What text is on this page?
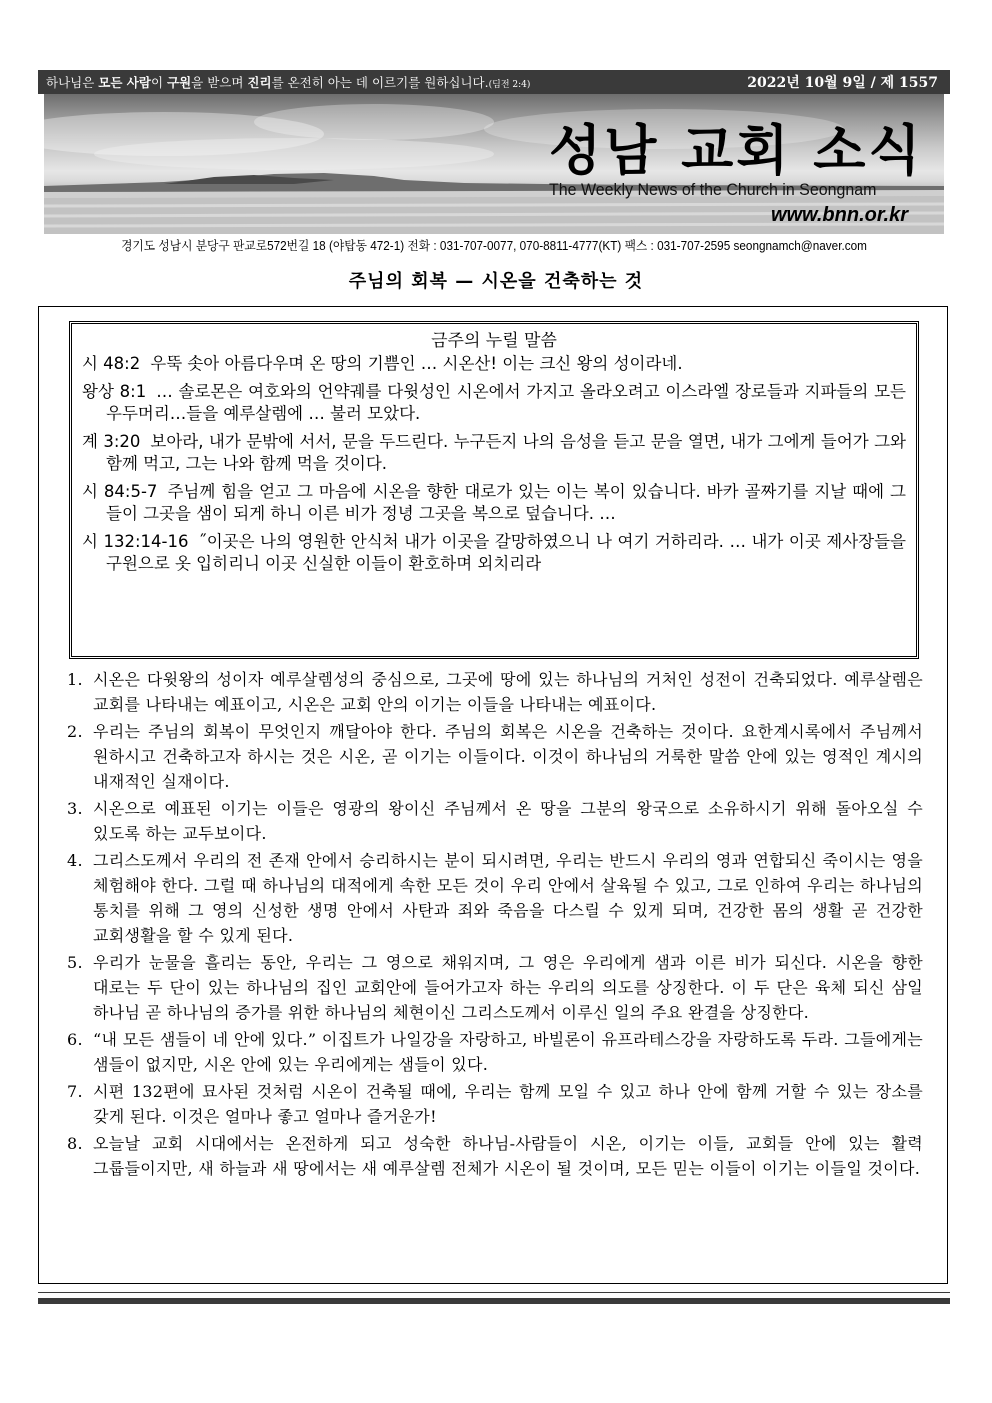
하나님은 모든 사람이 구원을 받으며 진리를 온전히 아는 데 이르기를 원하십니다.(딤전 2:4)	2022년 10월 9일 / 제 1557
성남 교회 소식
The Weekly News of the Church in Seongnam
www.bnn.or.kr
경기도 성남시 분당구 판교로572번길 18 (야탑동 472-1) 전화 : 031-707-0077, 070-8811-4777(KT) 팩스 : 031-707-2595 seongnamch@naver.com
주님의 회복 — 시온을 건축하는 것
금주의 누릴 말씀
시 48:2 우뚝 솟아 아름다우며 온 땅의 기쁨인 … 시온산! 이는 크신 왕의 성이라네.
왕상 8:1 … 솔로몬은 여호와의 언약궤를 다윗성인 시온에서 가지고 올라오려고 이스라엘 장로들과 지파들의 모든 우두머리…들을 예루살렘에 … 불러 모았다.
계 3:20 보아라, 내가 문밖에 서서, 문을 두드린다. 누구든지 나의 음성을 듣고 문을 열면, 내가 그에게 들어가 그와 함께 먹고, 그는 나와 함께 먹을 것이다.
시 84:5-7 주님께 힘을 얻고 그 마음에 시온을 향한 대로가 있는 이는 복이 있습니다. 바카 골짜기를 지날 때에 그들이 그곳을 샘이 되게 하니 이른 비가 정녕 그곳을 복으로 덮습니다. …
시 132:14-16 ˝이곳은 나의 영원한 안식처 내가 이곳을 갈망하였으니 나 여기 거하리라. … 내가 이곳 제사장들을 구원으로 옷 입히리니 이곳 신실한 이들이 환호하며 외치리라
1. 시온은 다윗왕의 성이자 예루살렘성의 중심으로, 그곳에 땅에 있는 하나님의 거처인 성전이 건축되었다. 예루살렘은 교회를 나타내는 예표이고, 시온은 교회 안의 이기는 이들을 나타내는 예표이다.
2. 우리는 주님의 회복이 무엇인지 깨달아야 한다. 주님의 회복은 시온을 건축하는 것이다. 요한계시록에서 주님께서 원하시고 건축하고자 하시는 것은 시온, 곧 이기는 이들이다. 이것이 하나님의 거룩한 말씀 안에 있는 영적인 계시의 내재적인 실재이다.
3. 시온으로 예표된 이기는 이들은 영광의 왕이신 주님께서 온 땅을 그분의 왕국으로 소유하시기 위해 돌아오실 수 있도록 하는 교두보이다.
4. 그리스도께서 우리의 전 존재 안에서 승리하시는 분이 되시려면, 우리는 반드시 우리의 영과 연합되신 죽이시는 영을 체험해야 한다. 그럴 때 하나님의 대적에게 속한 모든 것이 우리 안에서 살육될 수 있고, 그로 인하여 우리는 하나님의 통치를 위해 그 영의 신성한 생명 안에서 사탄과 죄와 죽음을 다스릴 수 있게 되며, 건강한 몸의 생활 곧 건강한 교회생활을 할 수 있게 된다.
5. 우리가 눈물을 흘리는 동안, 우리는 그 영으로 채워지며, 그 영은 우리에게 샘과 이른 비가 되신다. 시온을 향한 대로는 두 단이 있는 하나님의 집인 교회안에 들어가고자 하는 우리의 의도를 상징한다. 이 두 단은 육체 되신 삼일 하나님 곧 하나님의 증가를 위한 하나님의 체현이신 그리스도께서 이루신 일의 주요 완결을 상징한다.
6. “내 모든 샘들이 네 안에 있다.” 이집트가 나일강을 자랑하고, 바빌론이 유프라테스강을 자랑하도록 두라. 그들에게는 샘들이 없지만, 시온 안에 있는 우리에게는 샘들이 있다.
7. 시편 132편에 묘사된 것처럼 시온이 건축될 때에, 우리는 함께 모일 수 있고 하나 안에 함께 거할 수 있는 장소를 갖게 된다. 이것은 얼마나 좋고 얼마나 즐거운가!
8. 오늘날 교회 시대에서는 온전하게 되고 성숙한 하나님-사람들이 시온, 이기는 이들, 교회들 안에 있는 활력 그룹들이지만, 새 하늘과 새 땅에서는 새 예루살렘 전체가 시온이 될 것이며, 모든 믿는 이들이 이기는 이들일 것이다.
